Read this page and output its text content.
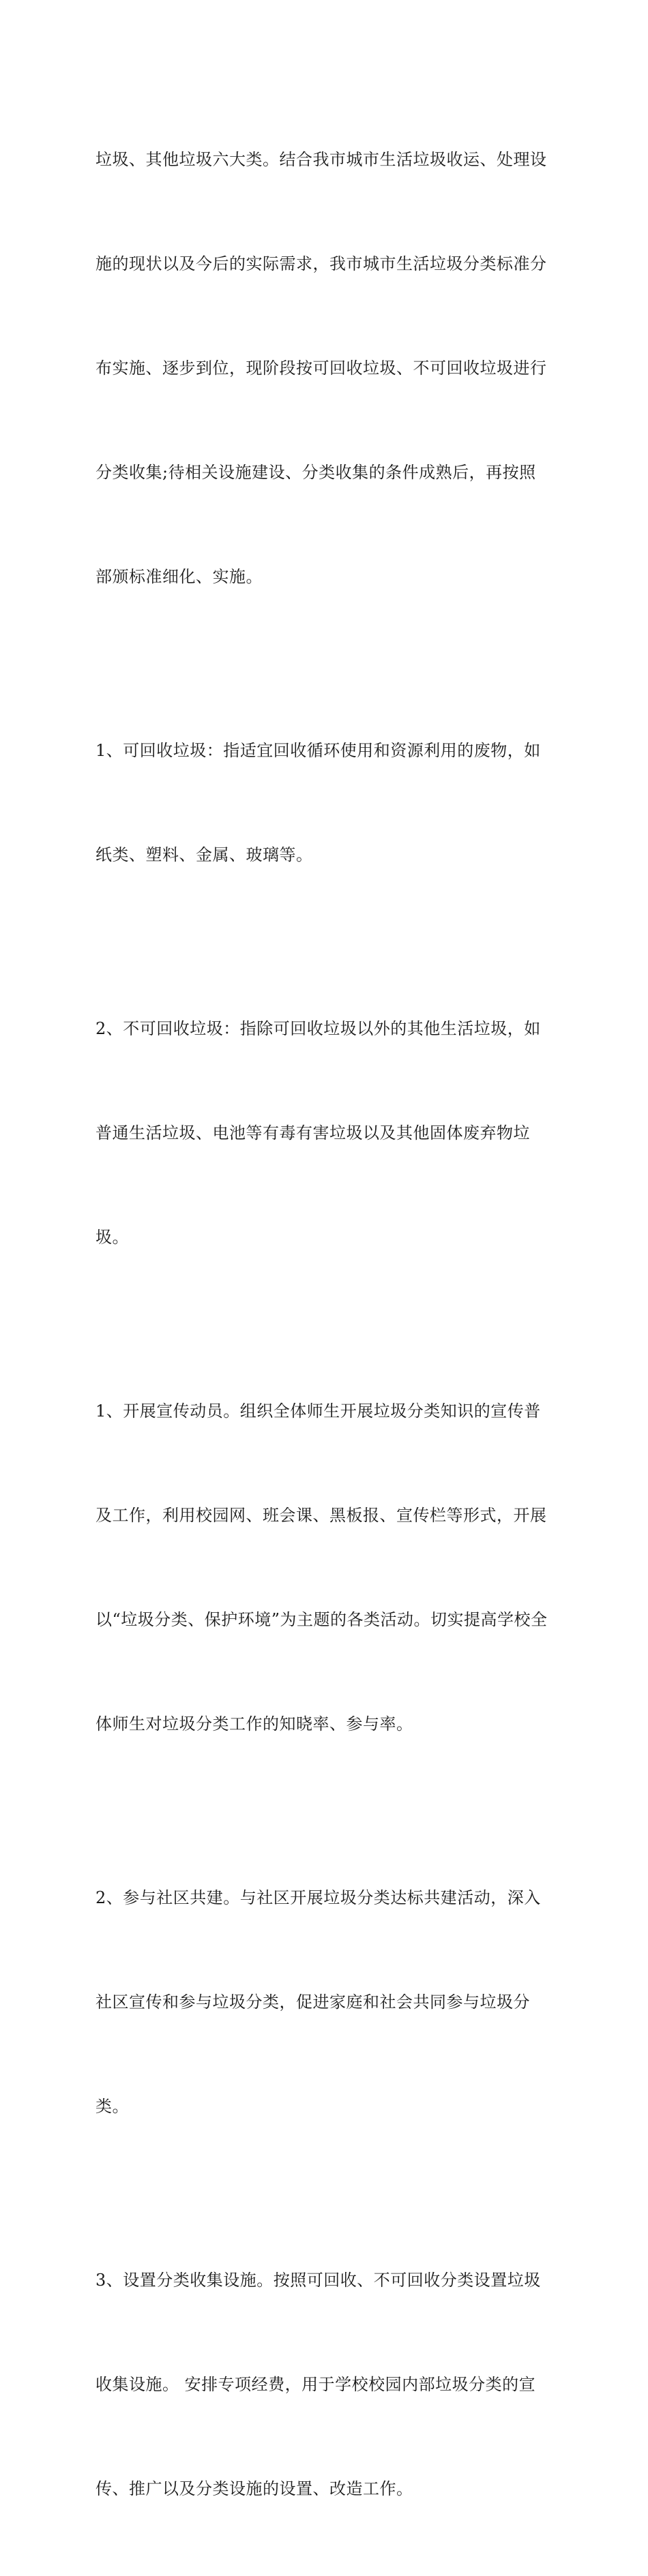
垃圾、其他垃圾六大类。结合我市城市生活垃圾收运、处理设

施的现状以及今后的实际需求，我市城市生活垃圾分类标准分

布实施、逐步到位，现阶段按可回收垃圾、不可回收垃圾进行

分类收集;待相关设施建设、分类收集的条件成熟后，再按照

部颁标准细化、实施。

1、可回收垃圾：指适宜回收循环使用和资源利用的废物，如

纸类、塑料、金属、玻璃等。

2、不可回收垃圾：指除可回收垃圾以外的其他生活垃圾，如

普通生活垃圾、电池等有毒有害垃圾以及其他固体废弃物垃

圾。

1、开展宣传动员。组织全体师生开展垃圾分类知识的宣传普

及工作，利用校园网、班会课、黑板报、宣传栏等形式，开展

以“垃圾分类、保护环境”为主题的各类活动。切实提高学校全

体师生对垃圾分类工作的知晓率、参与率。

2、参与社区共建。与社区开展垃圾分类达标共建活动，深入

社区宣传和参与垃圾分类，促进家庭和社会共同参与垃圾分

类。

3、设置分类收集设施。按照可回收、不可回收分类设置垃圾

收集设施。 安排专项经费，用于学校校园内部垃圾分类的宣

传、推广以及分类设施的设置、改造工作。
